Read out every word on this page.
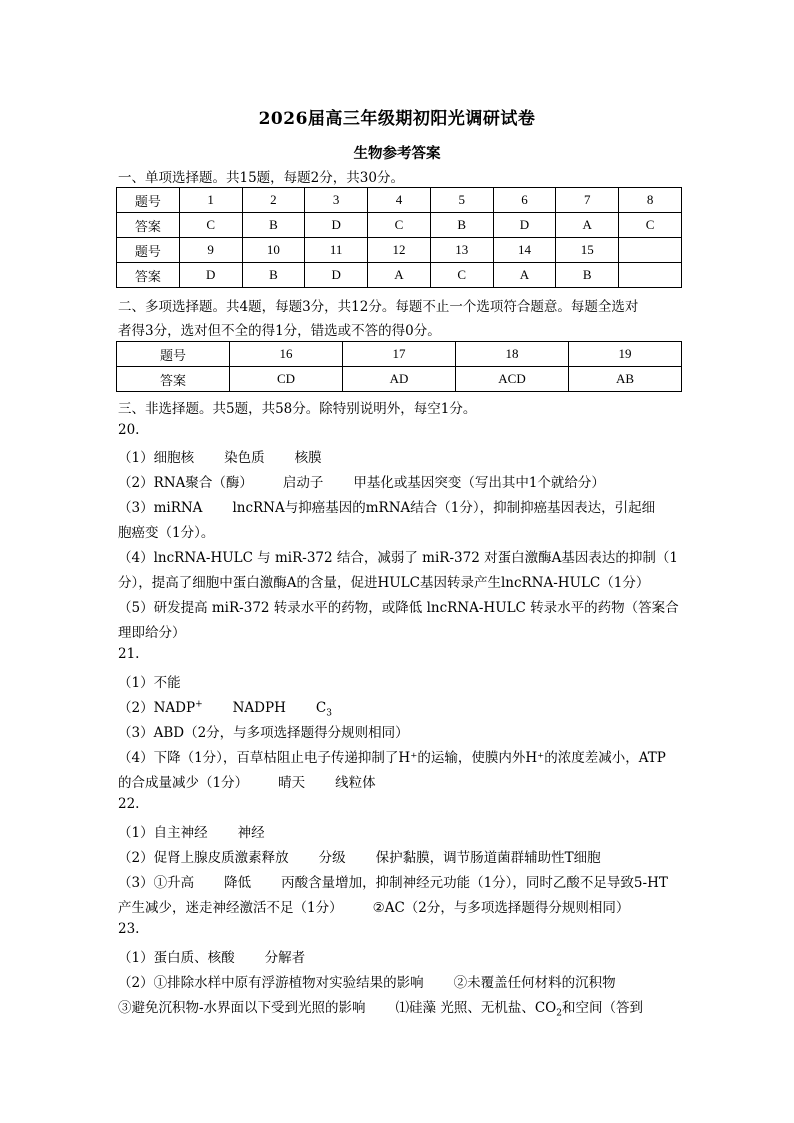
2026届高三年级期初阳光调研试卷
生物参考答案
一、单项选择题。共15题，每题2分，共30分。
题号	1	2	3	4	5	6	7	8
答案	C	B	D	C	B	D	A	C
题号	9	10	11	12	13	14	15	
答案	D	B	D	A	C	A	B	
二、多项选择题。共4题，每题3分，共12分。每题不止一个选项符合题意。每题全选对
者得3分，选对但不全的得1分，错选或不答的得0分。
题号	16	17	18	19
答案	CD	AD	ACD	AB
三、非选择题。共5题，共58分。除特别说明外，每空1分。
20.
（1）细胞核 染色质 核膜
（2）RNA聚合（酶） 启动子 甲基化或基因突变（写出其中1个就给分）
（3）miRNA lncRNA与抑癌基因的mRNA结合（1分），抑制抑癌基因表达，引起细
胞癌变（1分）。
（4）lncRNA-HULC 与 miR-372 结合，减弱了 miR-372 对蛋白激酶A基因表达的抑制（1
分），提高了细胞中蛋白激酶A的含量，促进HULC基因转录产生lncRNA-HULC（1分）
（5）研发提高 miR-372 转录水平的药物，或降低 lncRNA-HULC 转录水平的药物（答案合
理即给分）
21.
（1）不能
（2）NADP+ NADPH $C_3$
（3）ABD（2分，与多项选择题得分规则相同）
（4）下降（1分），百草枯阻止电子传递抑制了H⁺的运输，使膜内外H⁺的浓度差减小，ATP
的合成量减少（1分） 晴天 线粒体
22.
（1）自主神经 神经
（2）促肾上腺皮质激素释放 分级 保护黏膜，调节肠道菌群辅助性T细胞
（3）①升高 降低 丙酸含量增加，抑制神经元功能（1分），同时乙酸不足导致5-HT
产生减少，迷走神经激活不足（1分） ②AC（2分，与多项选择题得分规则相同）
23.
（1）蛋白质、核酸 分解者
（2）①排除水样中原有浮游植物对实验结果的影响 ②未覆盖任何材料的沉积物
③避免沉积物-水界面以下受到光照的影响 ⑴硅藻 光照、无机盐、$CO_2$和空间（答到
